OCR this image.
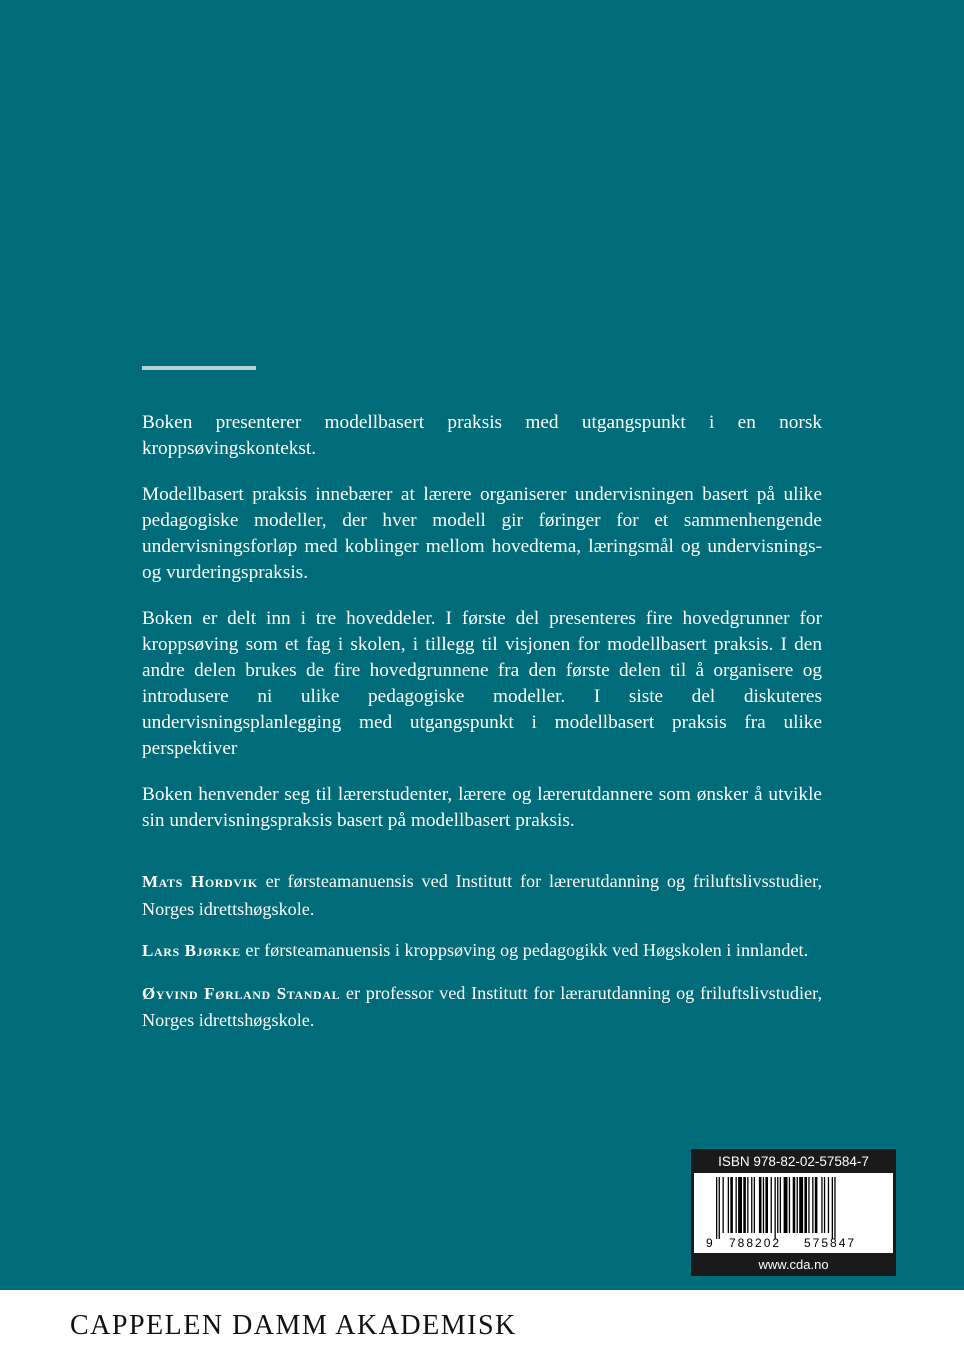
Boken presenterer modellbasert praksis med utgangspunkt i en norsk kroppsøvingskontekst.

Modellbasert praksis innebærer at lærere organiserer undervisningen basert på ulike pedagogiske modeller, der hver modell gir føringer for et sammenhengende undervisningsforløp med koblinger mellom hovedtema, læringsmål og undervisnings- og vurderingspraksis.

Boken er delt inn i tre hoveddeler. I første del presenteres fire hovedgrunner for kroppsøving som et fag i skolen, i tillegg til visjonen for modellbasert praksis. I den andre delen brukes de fire hovedgrunnene fra den første delen til å organisere og introdusere ni ulike pedagogiske modeller. I siste del diskuteres undervisningsplanlegging med utgangspunkt i modellbasert praksis fra ulike perspektiver

Boken henvender seg til lærerstudenter, lærere og lærerutdannere som ønsker å utvikle sin undervisningspraksis basert på modellbasert praksis.

Mats Hordvik er førsteamanuensis ved Institutt for lærerutdanning og friluftslivsstudier, Norges idrettshøgskole.

Lars Bjørke er førsteamanuensis i kroppsøving og pedagogikk ved Høgskolen i innlandet.

Øyvind Førland Standal er professor ved Institutt for lærarutdanning og friluftslivstudier, Norges idrettshøgskole.

ISBN 978-82-02-57584-7
9 788202 575847
www.cda.no
CAPPELEN DAMM AKADEMISK
